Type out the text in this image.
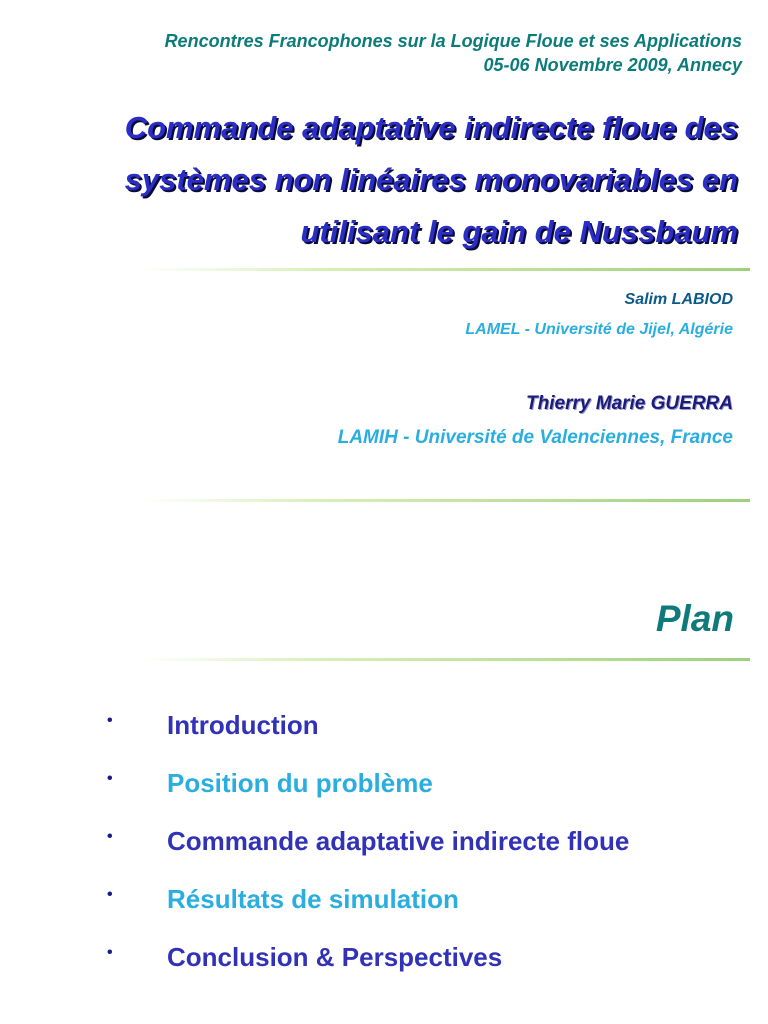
Rencontres Francophones sur la Logique Floue et ses Applications
05-06 Novembre 2009, Annecy
Commande adaptative indirecte floue des
systèmes non linéaires monovariables en
utilisant le gain de Nussbaum
Salim LABIOD
LAMEL - Université de Jijel, Algérie
Thierry Marie GUERRA
LAMIH - Université de Valenciennes, France
Plan
• Introduction
• Position du problème
• Commande adaptative indirecte floue
• Résultats de simulation
• Conclusion & Perspectives
